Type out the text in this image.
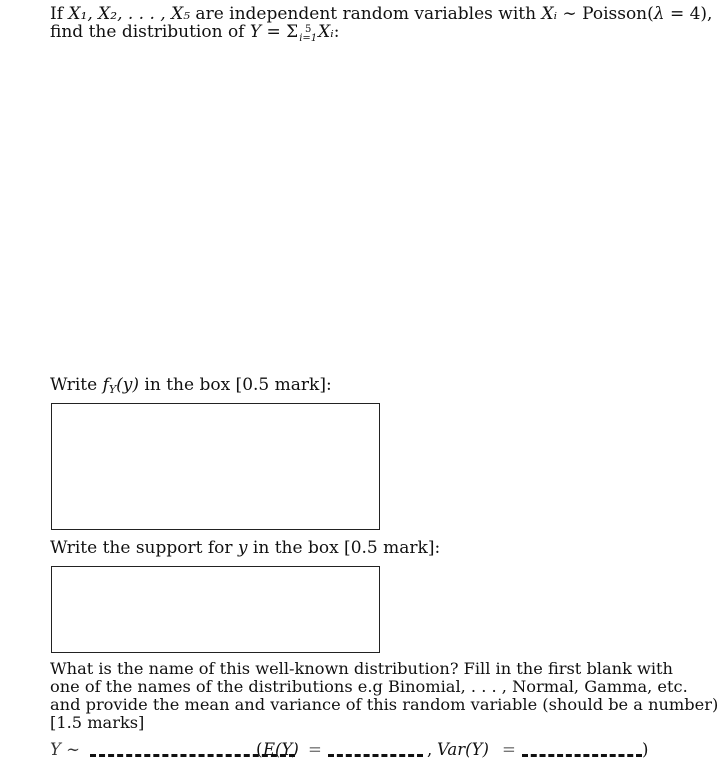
If X₁, X₂, . . . , X₅ are independent random variables with Xᵢ ∼ Poisson(λ = 4),
find the distribution of Y = Σ 5
i=1 Xᵢ:
Write $f_Y(y)$ in the box [0.5 mark]:
Write the support for y in the box [0.5 mark]:
What is the name of this well-known distribution? Fill in the first blank with
one of the names of the distributions e.g Binomial, . . . , Normal, Gamma, etc.
and provide the mean and variance of this random variable (should be a number)
[1.5 marks]
Y ∼	( E(Y) =	, Var(Y) =	)
